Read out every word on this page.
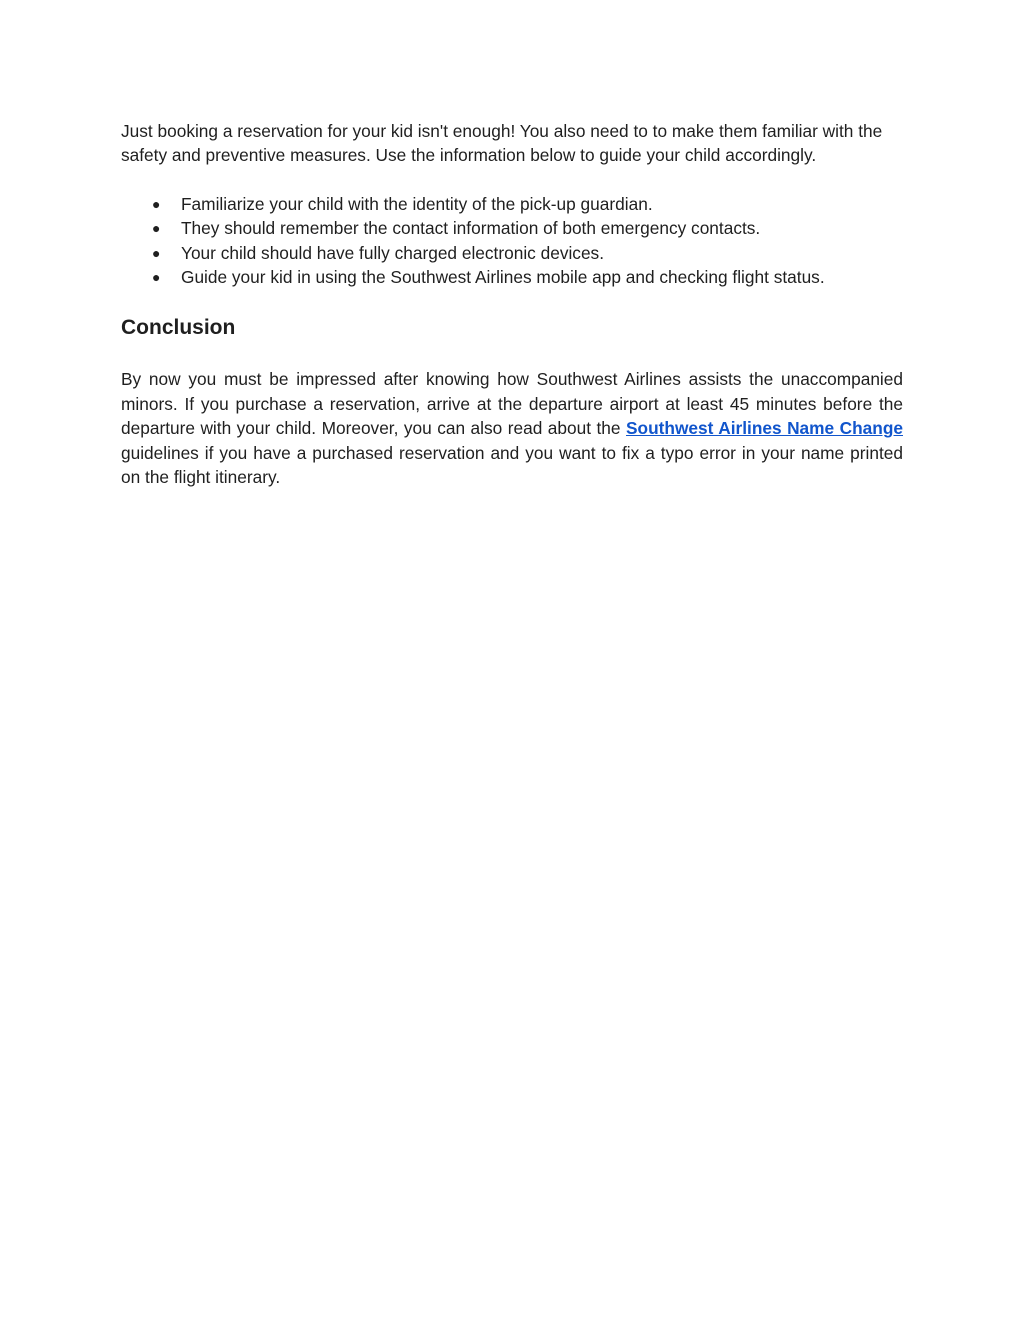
Just booking a reservation for your kid isn't enough! You also need to to make them familiar with the safety and preventive measures. Use the information below to guide your child accordingly.

● Familiarize your child with the identity of the pick-up guardian.
● They should remember the contact information of both emergency contacts.
● Your child should have fully charged electronic devices.
● Guide your kid in using the Southwest Airlines mobile app and checking flight status.
Conclusion

By now you must be impressed after knowing how Southwest Airlines assists the unaccompanied minors. If you purchase a reservation, arrive at the departure airport at least 45 minutes before the departure with your child. Moreover, you can also read about the Southwest Airlines Name Change guidelines if you have a purchased reservation and you want to fix a typo error in your name printed on the flight itinerary.
